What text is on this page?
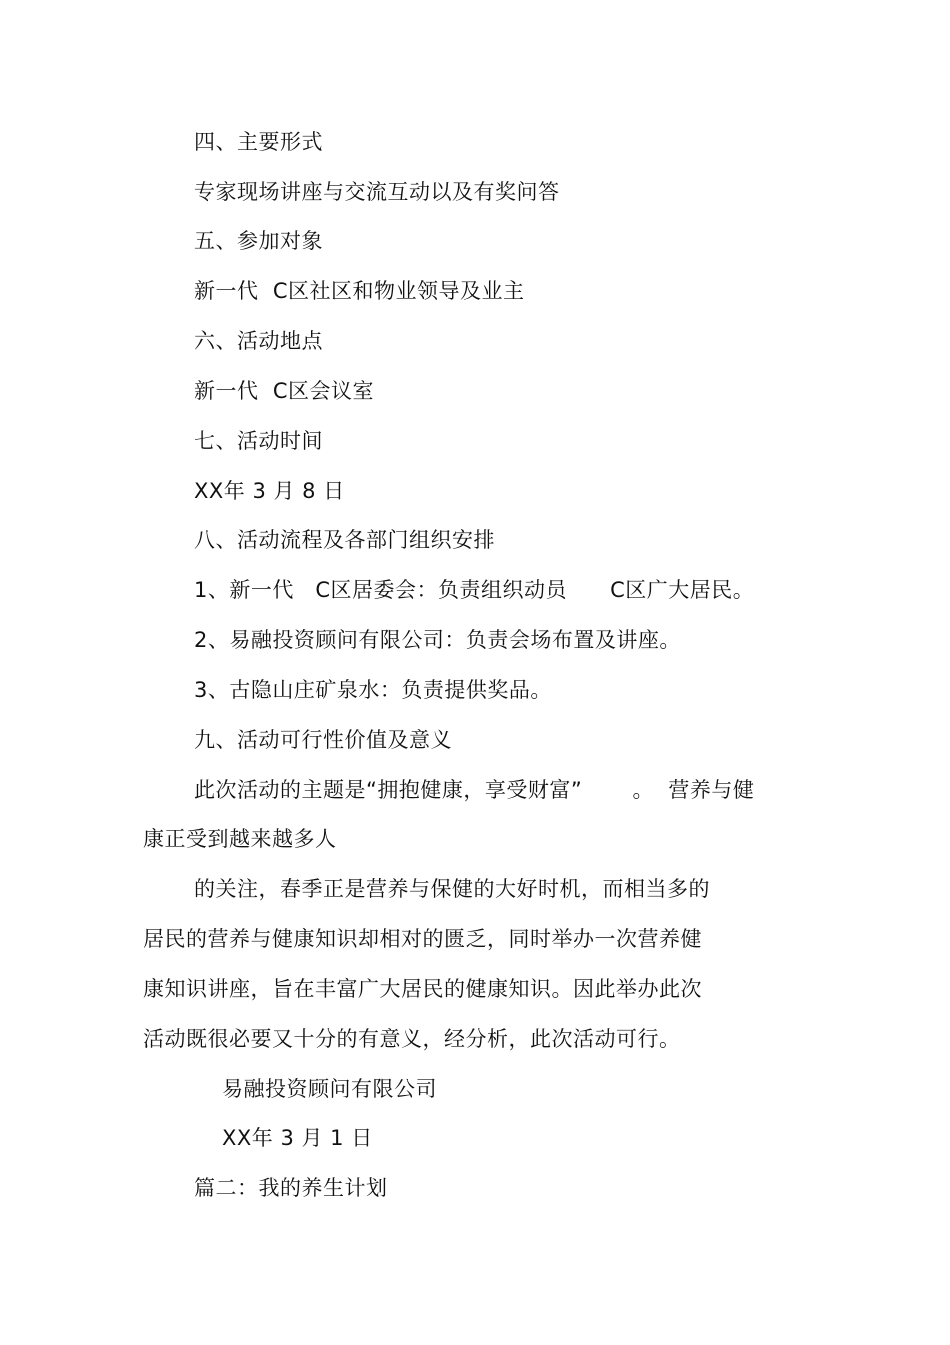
四、主要形式
专家现场讲座与交流互动以及有奖问答
五、参加对象
新一代  C区社区和物业领导及业主
六、活动地点
新一代  C区会议室
七、活动时间
XX年 3 月 8 日
八、活动流程及各部门组织安排
1、新一代   C区居委会：负责组织动员      C区广大居民。
2、易融投资顾问有限公司：负责会场布置及讲座。
3、古隐山庄矿泉水：负责提供奖品。
九、活动可行性价值及意义
此次活动的主题是“拥抱健康，享受财富”       。  营养与健
康正受到越来越多人
的关注，春季正是营养与保健的大好时机，而相当多的
居民的营养与健康知识却相对的匮乏，同时举办一次营养健
康知识讲座，旨在丰富广大居民的健康知识。因此举办此次
活动既很必要又十分的有意义，经分析，此次活动可行。
易融投资顾问有限公司
XX年 3 月 1 日
篇二：我的养生计划
